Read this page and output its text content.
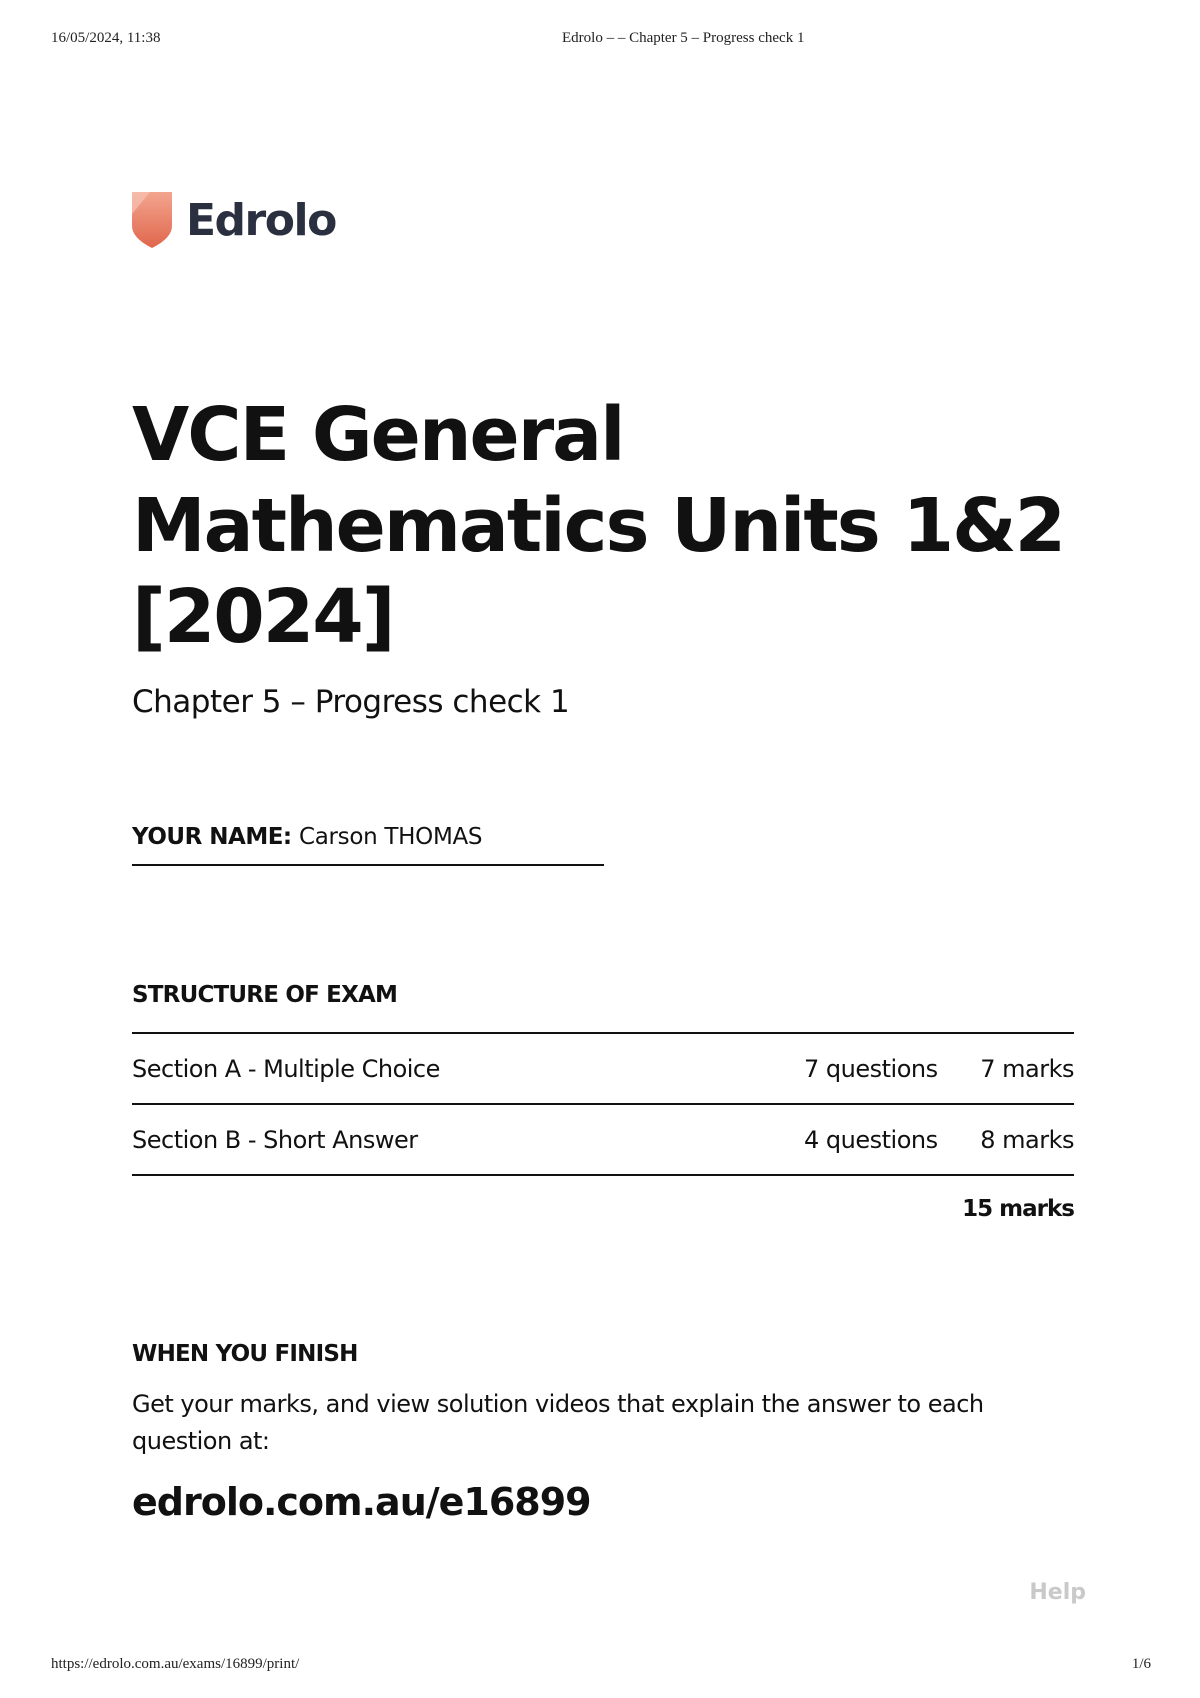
16/05/2024, 11:38	Edrolo – – Chapter 5 – Progress check 1
Edrolo
VCE General
Mathematics Units 1&2
[2024]
Chapter 5 – Progress check 1
YOUR NAME: Carson THOMAS
STRUCTURE OF EXAM
Section A - Multiple Choice	7 questions	7 marks
Section B - Short Answer	4 questions	8 marks
15 marks
WHEN YOU FINISH

Get your marks, and view solution videos that explain the answer to each
question at:

edrolo.com.au/e16899
Help
https://edrolo.com.au/exams/16899/print/	1/6
